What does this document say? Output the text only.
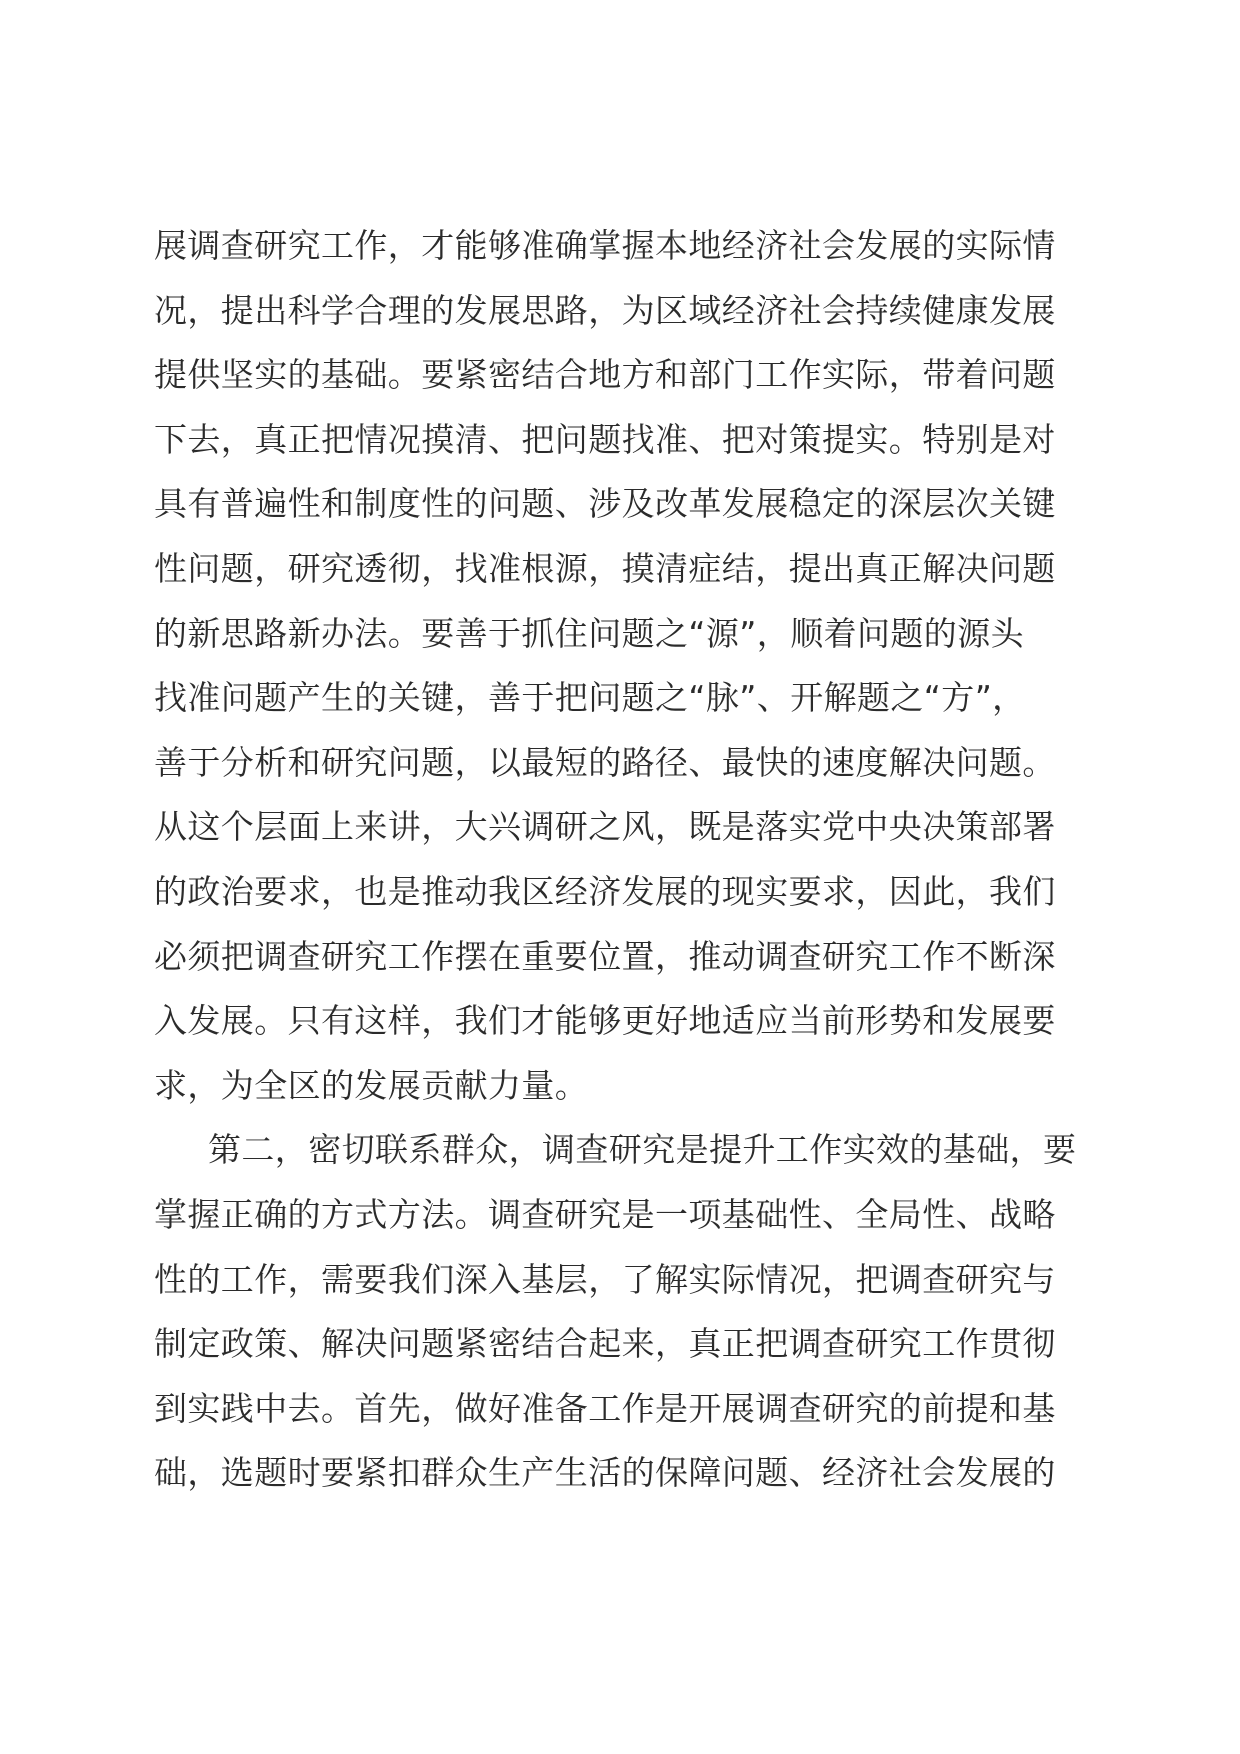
展调查研究工作，才能够准确掌握本地经济社会发展的实际情
况，提出科学合理的发展思路，为区域经济社会持续健康发展
提供坚实的基础。要紧密结合地方和部门工作实际，带着问题
下去，真正把情况摸清、把问题找准、把对策提实。特别是对
具有普遍性和制度性的问题、涉及改革发展稳定的深层次关键
性问题，研究透彻，找准根源，摸清症结，提出真正解决问题
的新思路新办法。要善于抓住问题之“源”，顺着问题的源头
找准问题产生的关键，善于把问题之“脉”、开解题之“方”，
善于分析和研究问题，以最短的路径、最快的速度解决问题。
从这个层面上来讲，大兴调研之风，既是落实党中央决策部署
的政治要求，也是推动我区经济发展的现实要求，因此，我们
必须把调查研究工作摆在重要位置，推动调查研究工作不断深
入发展。只有这样，我们才能够更好地适应当前形势和发展要
求，为全区的发展贡献力量。
第二，密切联系群众，调查研究是提升工作实效的基础，要
掌握正确的方式方法。调查研究是一项基础性、全局性、战略
性的工作，需要我们深入基层，了解实际情况，把调查研究与
制定政策、解决问题紧密结合起来，真正把调查研究工作贯彻
到实践中去。首先，做好准备工作是开展调查研究的前提和基
础，选题时要紧扣群众生产生活的保障问题、经济社会发展的
